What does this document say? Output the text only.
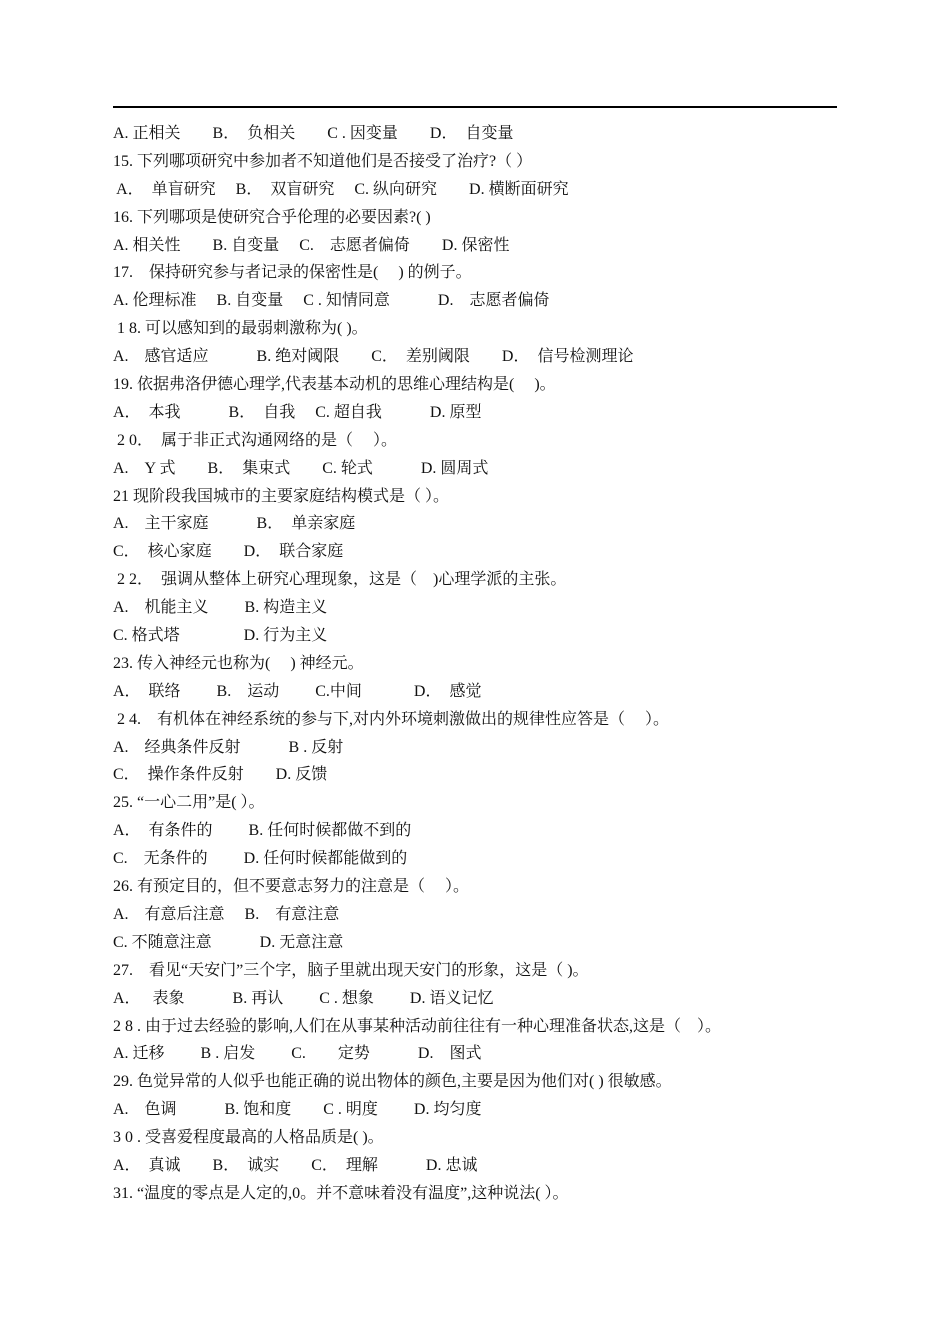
A. 正相关　　B．　负相关　　C . 因变量　　D．　自变量
15. 下列哪项研究中参加者不知道他们是否接受了治疗?（ ）
A．　单盲研究　 B．　双盲研究　 C. 纵向研究　　D. 横断面研究
16. 下列哪项是使研究合乎伦理的必要因素?( )
A. 相关性　　B. 自变量　 C.　志愿者偏倚　　D. 保密性
17.　保持研究参与者记录的保密性是(　 ) 的例子。
A. 伦理标准　 B. 自变量　 C . 知情同意　　　D.　志愿者偏倚
1 8. 可以感知到的最弱刺激称为( )。
A.　感官适应　　　B. 绝对阈限　　C．　差别阈限　　D．　信号检测理论
19. 依据弗洛伊德心理学,代表基本动机的思维心理结构是(　 )。
A．　本我　　　B．　自我　 C. 超自我　　　D. 原型
2 0．　属于非正式沟通网络的是（　 ）。
A.　Y 式　　B．　集束式　　C. 轮式　　　D. 圆周式
21 现阶段我国城市的主要家庭结构模式是（ ）。
A.　主干家庭　　　B．　单亲家庭
C．　核心家庭　　D．　联合家庭
2 2．　强调从整体上研究心理现象，这是（　)心理学派的主张。
A.　机能主义　　 B. 构造主义
C. 格式塔　　　　D. 行为主义
23. 传入神经元也称为(　 ) 神经元。
A．　联络　　 B.　运动　　 C.中间　　　 D．　感觉
2 4.　有机体在神经系统的参与下,对内外环境刺激做出的规律性应答是（　 ）。
A.　经典条件反射　　　B . 反射
C．　操作条件反射　　D. 反馈
25. “一心二用”是( ）。
A．　有条件的　　 B. 任何时候都做不到的
C.　无条件的　　 D. 任何时候都能做到的
26. 有预定目的，但不要意志努力的注意是（　 ）。
A.　有意后注意　 B.　有意注意
C. 不随意注意　　　D. 无意注意
27.　看见“天安门”三个字，脑子里就出现天安门的形象，这是（ )。
A．　 表象　　　B. 再认　　 C . 想象　　 D. 语义记忆
2 8 . 由于过去经验的影响,人们在从事某种活动前往往有一种心理准备状态,这是（　）。
A. 迁移　　 B . 启发　　 C.　　定势　　　D.　图式
29. 色觉异常的人似乎也能正确的说出物体的颜色,主要是因为他们对( ) 很敏感。
A.　色调　　　B. 饱和度　　C . 明度　　 D. 均匀度
3 0 . 受喜爱程度最高的人格品质是( )。
A．　真诚　　B．　诚实　　C．　理解　　　D. 忠诚
31. “温度的零点是人定的,0。并不意味着没有温度”,这种说法( ）。
